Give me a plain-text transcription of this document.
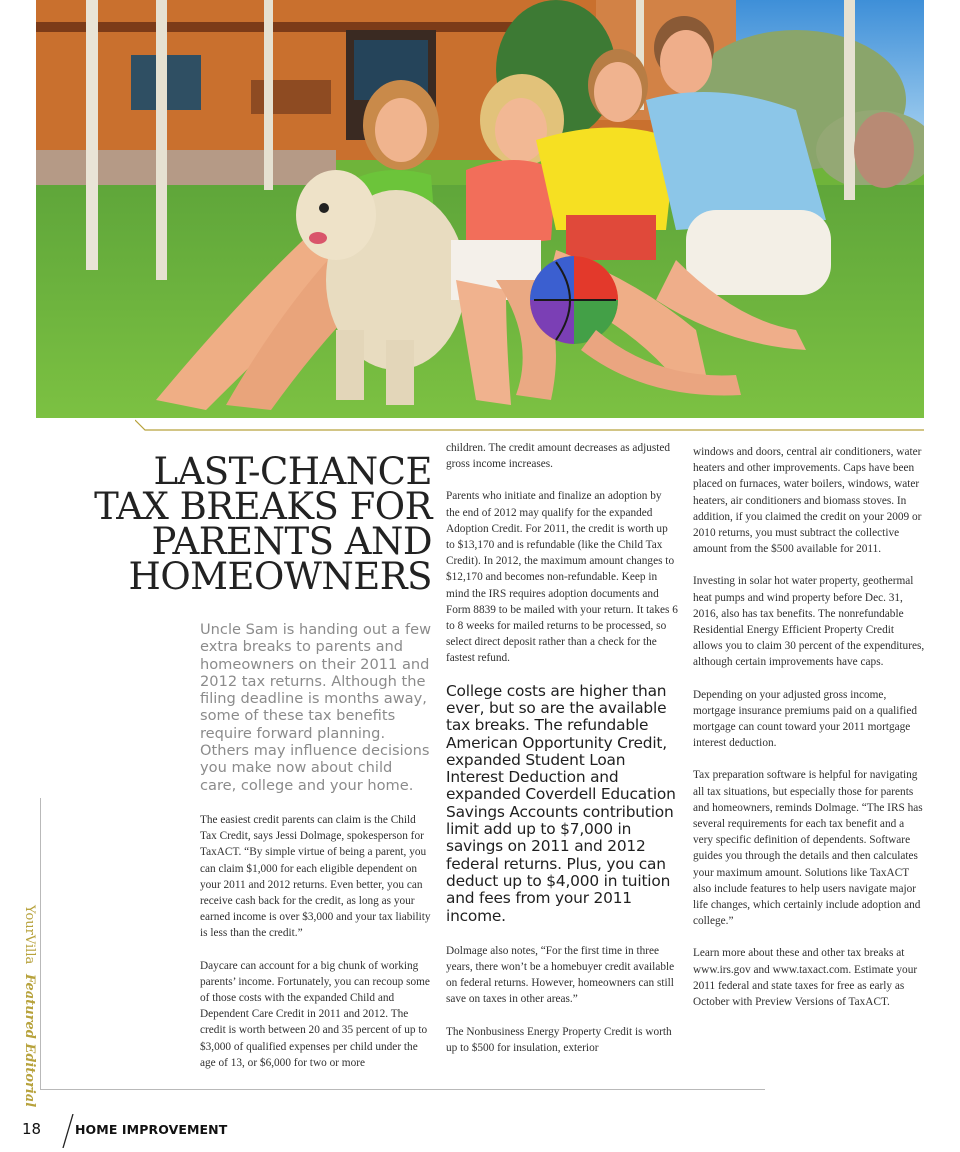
LAST-CHANCE
TAX BREAKS FOR
PARENTS AND
HOMEOWNERS

Uncle Sam is handing out a few extra breaks to parents and homeowners on their 2011 and 2012 tax returns. Although the filing deadline is months away, some of these tax benefits require forward planning. Others may influence decisions you make now about child care, college and your home.

The easiest credit parents can claim is the Child Tax Credit, says Jessi Dolmage, spokesperson for TaxACT. “By simple virtue of being a parent, you can claim $1,000 for each eligible dependent on your 2011 and 2012 returns. Even better, you can receive cash back for the credit, as long as your earned income is over $3,000 and your tax liability is less than the credit.”

Daycare can account for a big chunk of working parents’ income. Fortunately, you can recoup some of those costs with the expanded Child and Dependent Care Credit in 2011 and 2012. The credit is worth between 20 and 35 percent of up to $3,000 of qualified expenses per child under the age of 13, or $6,000 for two or more

children. The credit amount decreases as adjusted gross income increases.

Parents who initiate and finalize an adoption by the end of 2012 may qualify for the expanded Adoption Credit. For 2011, the credit is worth up to $13,170 and is refundable (like the Child Tax Credit). In 2012, the maximum amount changes to $12,170 and becomes non-refundable. Keep in mind the IRS requires adoption documents and Form 8839 to be mailed with your return. It takes 6 to 8 weeks for mailed returns to be processed, so select direct deposit rather than a check for the fastest refund.

College costs are higher than ever, but so are the available tax breaks. The refundable American Opportunity Credit, expanded Student Loan Interest Deduction and expanded Coverdell Education Savings Accounts contribution limit add up to $7,000 in savings on 2011 and 2012 federal returns. Plus, you can deduct up to $4,000 in tuition and fees from your 2011 income.

Dolmage also notes, “For the first time in three years, there won’t be a homebuyer credit available on federal returns. However, homeowners can still save on taxes in other areas.”

The Nonbusiness Energy Property Credit is worth up to $500 for insulation, exterior

windows and doors, central air conditioners, water heaters and other improvements. Caps have been placed on furnaces, water boilers, windows, water heaters, air conditioners and biomass stoves. In addition, if you claimed the credit on your 2009 or 2010 returns, you must subtract the collective amount from the $500 available for 2011.

Investing in solar hot water property, geothermal heat pumps and wind property before Dec. 31, 2016, also has tax benefits. The nonrefundable Residential Energy Efficient Property Credit allows you to claim 30 percent of the expenditures, although certain improvements have caps.

Depending on your adjusted gross income, mortgage insurance premiums paid on a qualified mortgage can count toward your 2011 mortgage interest deduction.

Tax preparation software is helpful for navigating all tax situations, but especially those for parents and homeowners, reminds Dolmage. “The IRS has several requirements for each tax benefit and a very specific definition of dependents. Software guides you through the details and then calculates your maximum amount. Solutions like TaxACT also include features to help users navigate major life changes, which certainly include adoption and college.”

Learn more about these and other tax breaks at www.irs.gov and www.taxact.com. Estimate your 2011 federal and state taxes for free as early as October with Preview Versions of TaxACT.

YourVilla Featured Editorial
18	HOME IMPROVEMENT
